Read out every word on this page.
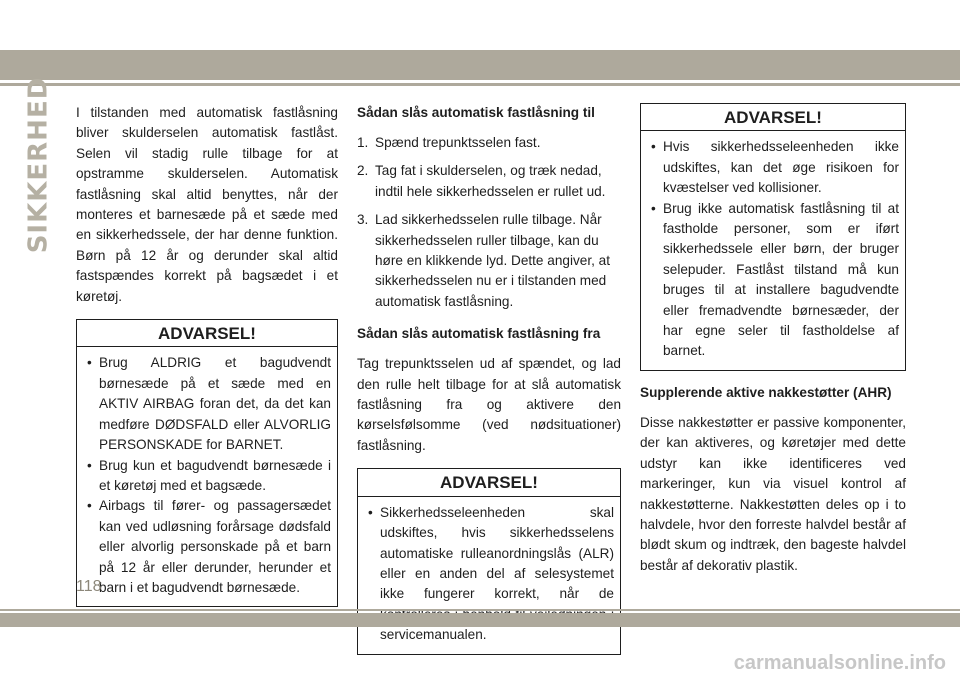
SIKKERHED I tilstanden med automatisk fastlåsning bliver skulderselen automatisk fastlåst. Selen vil stadig rulle tilbage for at opstramme skulderselen. Automatisk fastlåsning skal altid benyttes, når der monteres et barnesæde på et sæde med en sikkerhedssele, der har denne funktion. Børn på 12 år og derunder skal altid fastspændes korrekt på bagsædet i et køretøj.

ADVARSEL!
• Brug ALDRIG et bagudvendt børnesæde på et sæde med en AKTIV AIRBAG foran det, da det kan medføre DØDSFALD eller ALVORLIG PERSONSKADE for BARNET.
• Brug kun et bagudvendt børnesæde i et køretøj med et bagsæde.
• Airbags til fører- og passagersædet kan ved udløsning forårsage dødsfald eller alvorlig personskade på et barn på 12 år eller derunder, herunder et barn i et bagudvendt børnesæde.
Sådan slås automatisk fastlåsning til
1. Spænd trepunktsselen fast.
2. Tag fat i skulderselen, og træk nedad, indtil hele sikkerhedsselen er rullet ud.
3. Lad sikkerhedsselen rulle tilbage. Når sikkerhedsselen ruller tilbage, kan du høre en klikkende lyd. Dette angiver, at sikkerhedsselen nu er i tilstanden med automatisk fastlåsning.
Sådan slås automatisk fastlåsning fra

Tag trepunktsselen ud af spændet, og lad den rulle helt tilbage for at slå automatisk fastlåsning fra og aktivere den kørselsfølsomme (ved nødsituationer) fastlåsning.

ADVARSEL!
• Sikkerhedsseleenheden skal udskiftes, hvis sikkerhedsselens automatiske rulleanordningslås (ALR) eller en anden del af selesystemet ikke fungerer korrekt, når de servicemanualen.
ADVARSEL!
• Hvis sikkerhedsseleenheden ikke udskiftes, kan det øge risikoen for kvæstelser ved kollisioner.
• Brug ikke automatisk fastlåsning til at fastholde personer, som er iført sikkerhedssele eller børn, der bruger selepuder. Fastlåst tilstand må kun bruges til at installere bagudvendte eller fremadvendte børnesæder, der har egne seler til fastholdelse af barnet.
Supplerende aktive nakkestøtter (AHR)

Disse nakkestøtter er passive komponenter, der kan aktiveres, og køretøjer med dette udstyr kan ikke identificeres ved markeringer, kun via visuel kontrol af nakkestøtterne. Nakkestøtten deles op i to halvdele, hvor den forreste halvdel består af blødt skum og indtræk, den bageste halvdel består af dekorativ plastik.

118
carmanualsonline.info
